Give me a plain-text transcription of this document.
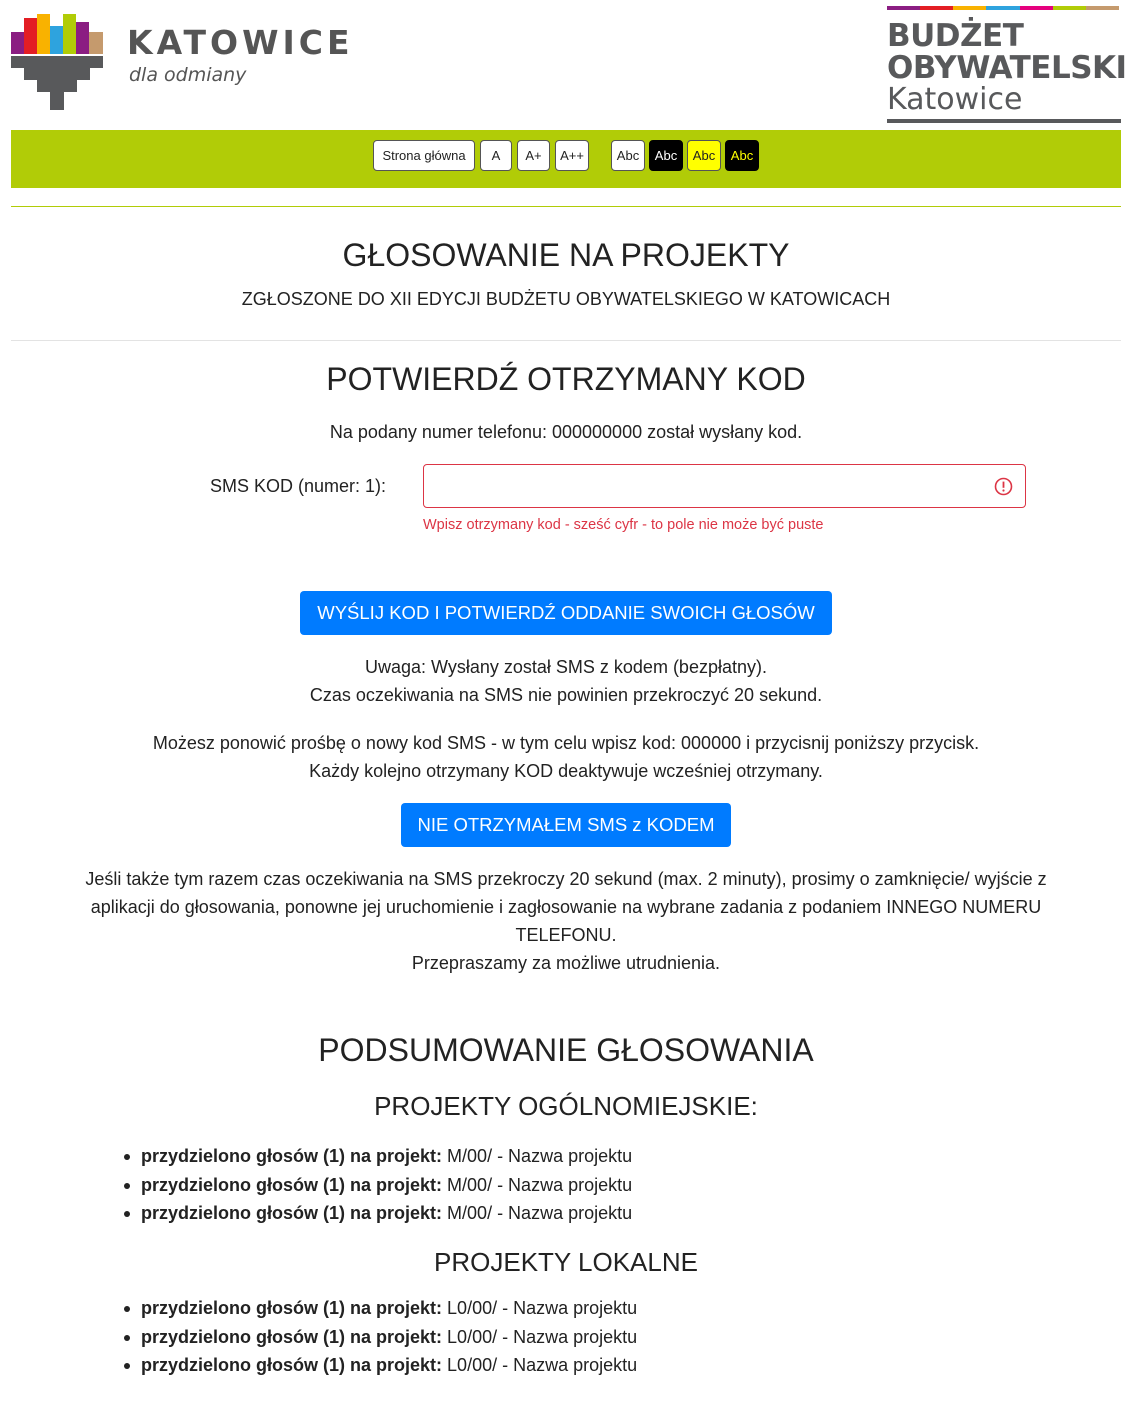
KATOWICE
dla odmiany
BUDŻET
OBYWATELSKI
Katowice
Strona główna	A	A+	A++	Abc	Abc	Abc	Abc
GŁOSOWANIE NA PROJEKTY
ZGŁOSZONE DO XII EDYCJI BUDŻETU OBYWATELSKIEGO W KATOWICACH
POTWIERDŹ OTRZYMANY KOD
Na podany numer telefonu: 000000000 został wysłany kod.
SMS KOD (numer: 1):
Wpisz otrzymany kod - sześć cyfr - to pole nie może być puste
WYŚLIJ KOD I POTWIERDŹ ODDANIE SWOICH GŁOSÓW
Uwaga: Wysłany został SMS z kodem (bezpłatny).
Czas oczekiwania na SMS nie powinien przekroczyć 20 sekund.
Możesz ponowić prośbę o nowy kod SMS - w tym celu wpisz kod: 000000 i przycisnij poniższy przycisk.
Każdy kolejno otrzymany KOD deaktywuje wcześniej otrzymany.
NIE OTRZYMAŁEM SMS z KODEM
Jeśli także tym razem czas oczekiwania na SMS przekroczy 20 sekund (max. 2 minuty), prosimy o zamknięcie/ wyjście z aplikacji do głosowania, ponowne jej uruchomienie i zagłosowanie na wybrane zadania z podaniem INNEGO NUMERU TELEFONU.
Przepraszamy za możliwe utrudnienia.
PODSUMOWANIE GŁOSOWANIA
PROJEKTY OGÓLNOMIEJSKIE:
przydzielono głosów (1) na projekt: M/00/ - Nazwa projektu
przydzielono głosów (1) na projekt: M/00/ - Nazwa projektu
przydzielono głosów (1) na projekt: M/00/ - Nazwa projektu
PROJEKTY LOKALNE
przydzielono głosów (1) na projekt: L0/00/ - Nazwa projektu
przydzielono głosów (1) na projekt: L0/00/ - Nazwa projektu
przydzielono głosów (1) na projekt: L0/00/ - Nazwa projektu
